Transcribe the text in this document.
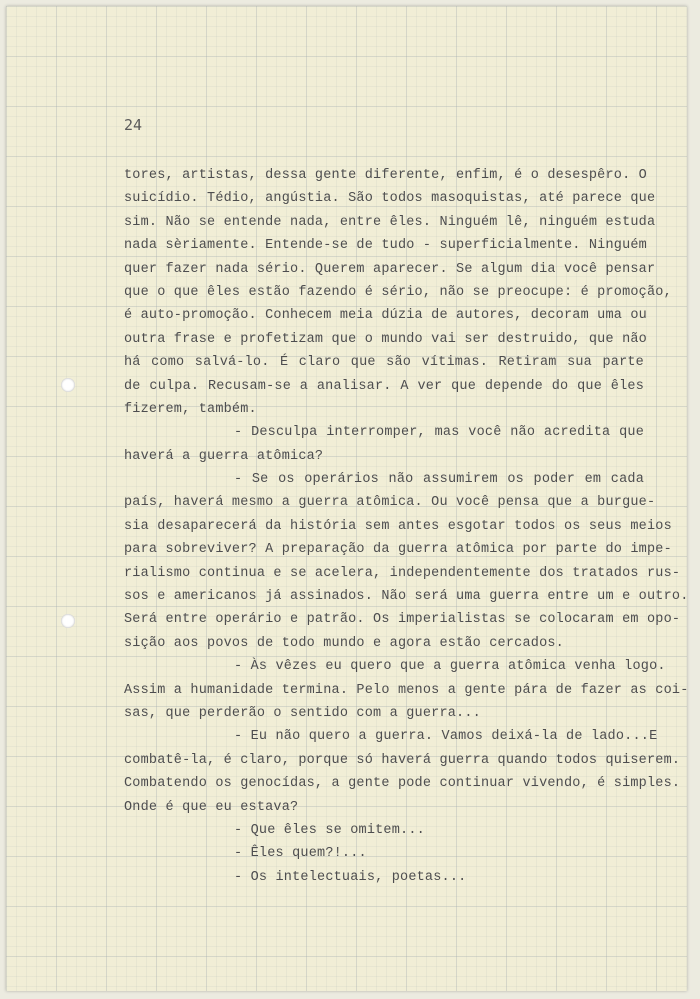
24
tores, artistas, dessa gente diferente, enfim, é o desespêro. O
suicídio. Tédio, angústia. São todos masoquistas, até parece que
sim. Não se entende nada, entre êles. Ninguém lê, ninguém estuda
nada sèriamente. Entende-se de tudo - superficialmente. Ninguém
quer fazer nada sério. Querem aparecer. Se algum dia você pensar
que o que êles estão fazendo é sério, não se preocupe: é promoção,
é auto-promoção. Conhecem meia dúzia de autores, decoram uma ou
outra frase e profetizam que o mundo vai ser destruido, que não
há como salvá-lo. É claro que são vítimas. Retiram sua parte
de culpa. Recusam-se a analisar. A ver que depende do que êles
fizerem, também.
- Desculpa interromper, mas você não acredita que
haverá a guerra atômica?
- Se os operários não assumirem os poder em cada
país, haverá mesmo a guerra atômica. Ou você pensa que a burgue-
sia desaparecerá da história sem antes esgotar todos os seus meios
para sobreviver? A preparação da guerra atômica por parte do impe-
rialismo continua e se acelera, independentemente dos tratados rus-
sos e americanos já assinados. Não será uma guerra entre um e outro.
Será entre operário e patrão. Os imperialistas se colocaram em opo-
sição aos povos de todo mundo e agora estão cercados.
- Às vêzes eu quero que a guerra atômica venha logo.
Assim a humanidade termina. Pelo menos a gente pára de fazer as coi-
sas, que perderão o sentido com a guerra...
- Eu não quero a guerra. Vamos deixá-la de lado...E
combatê-la, é claro, porque só haverá guerra quando todos quiserem.
Combatendo os genocídas, a gente pode continuar vivendo, é simples.
Onde é que eu estava?
- Que êles se omitem...
- Êles quem?!...
- Os intelectuais, poetas...
